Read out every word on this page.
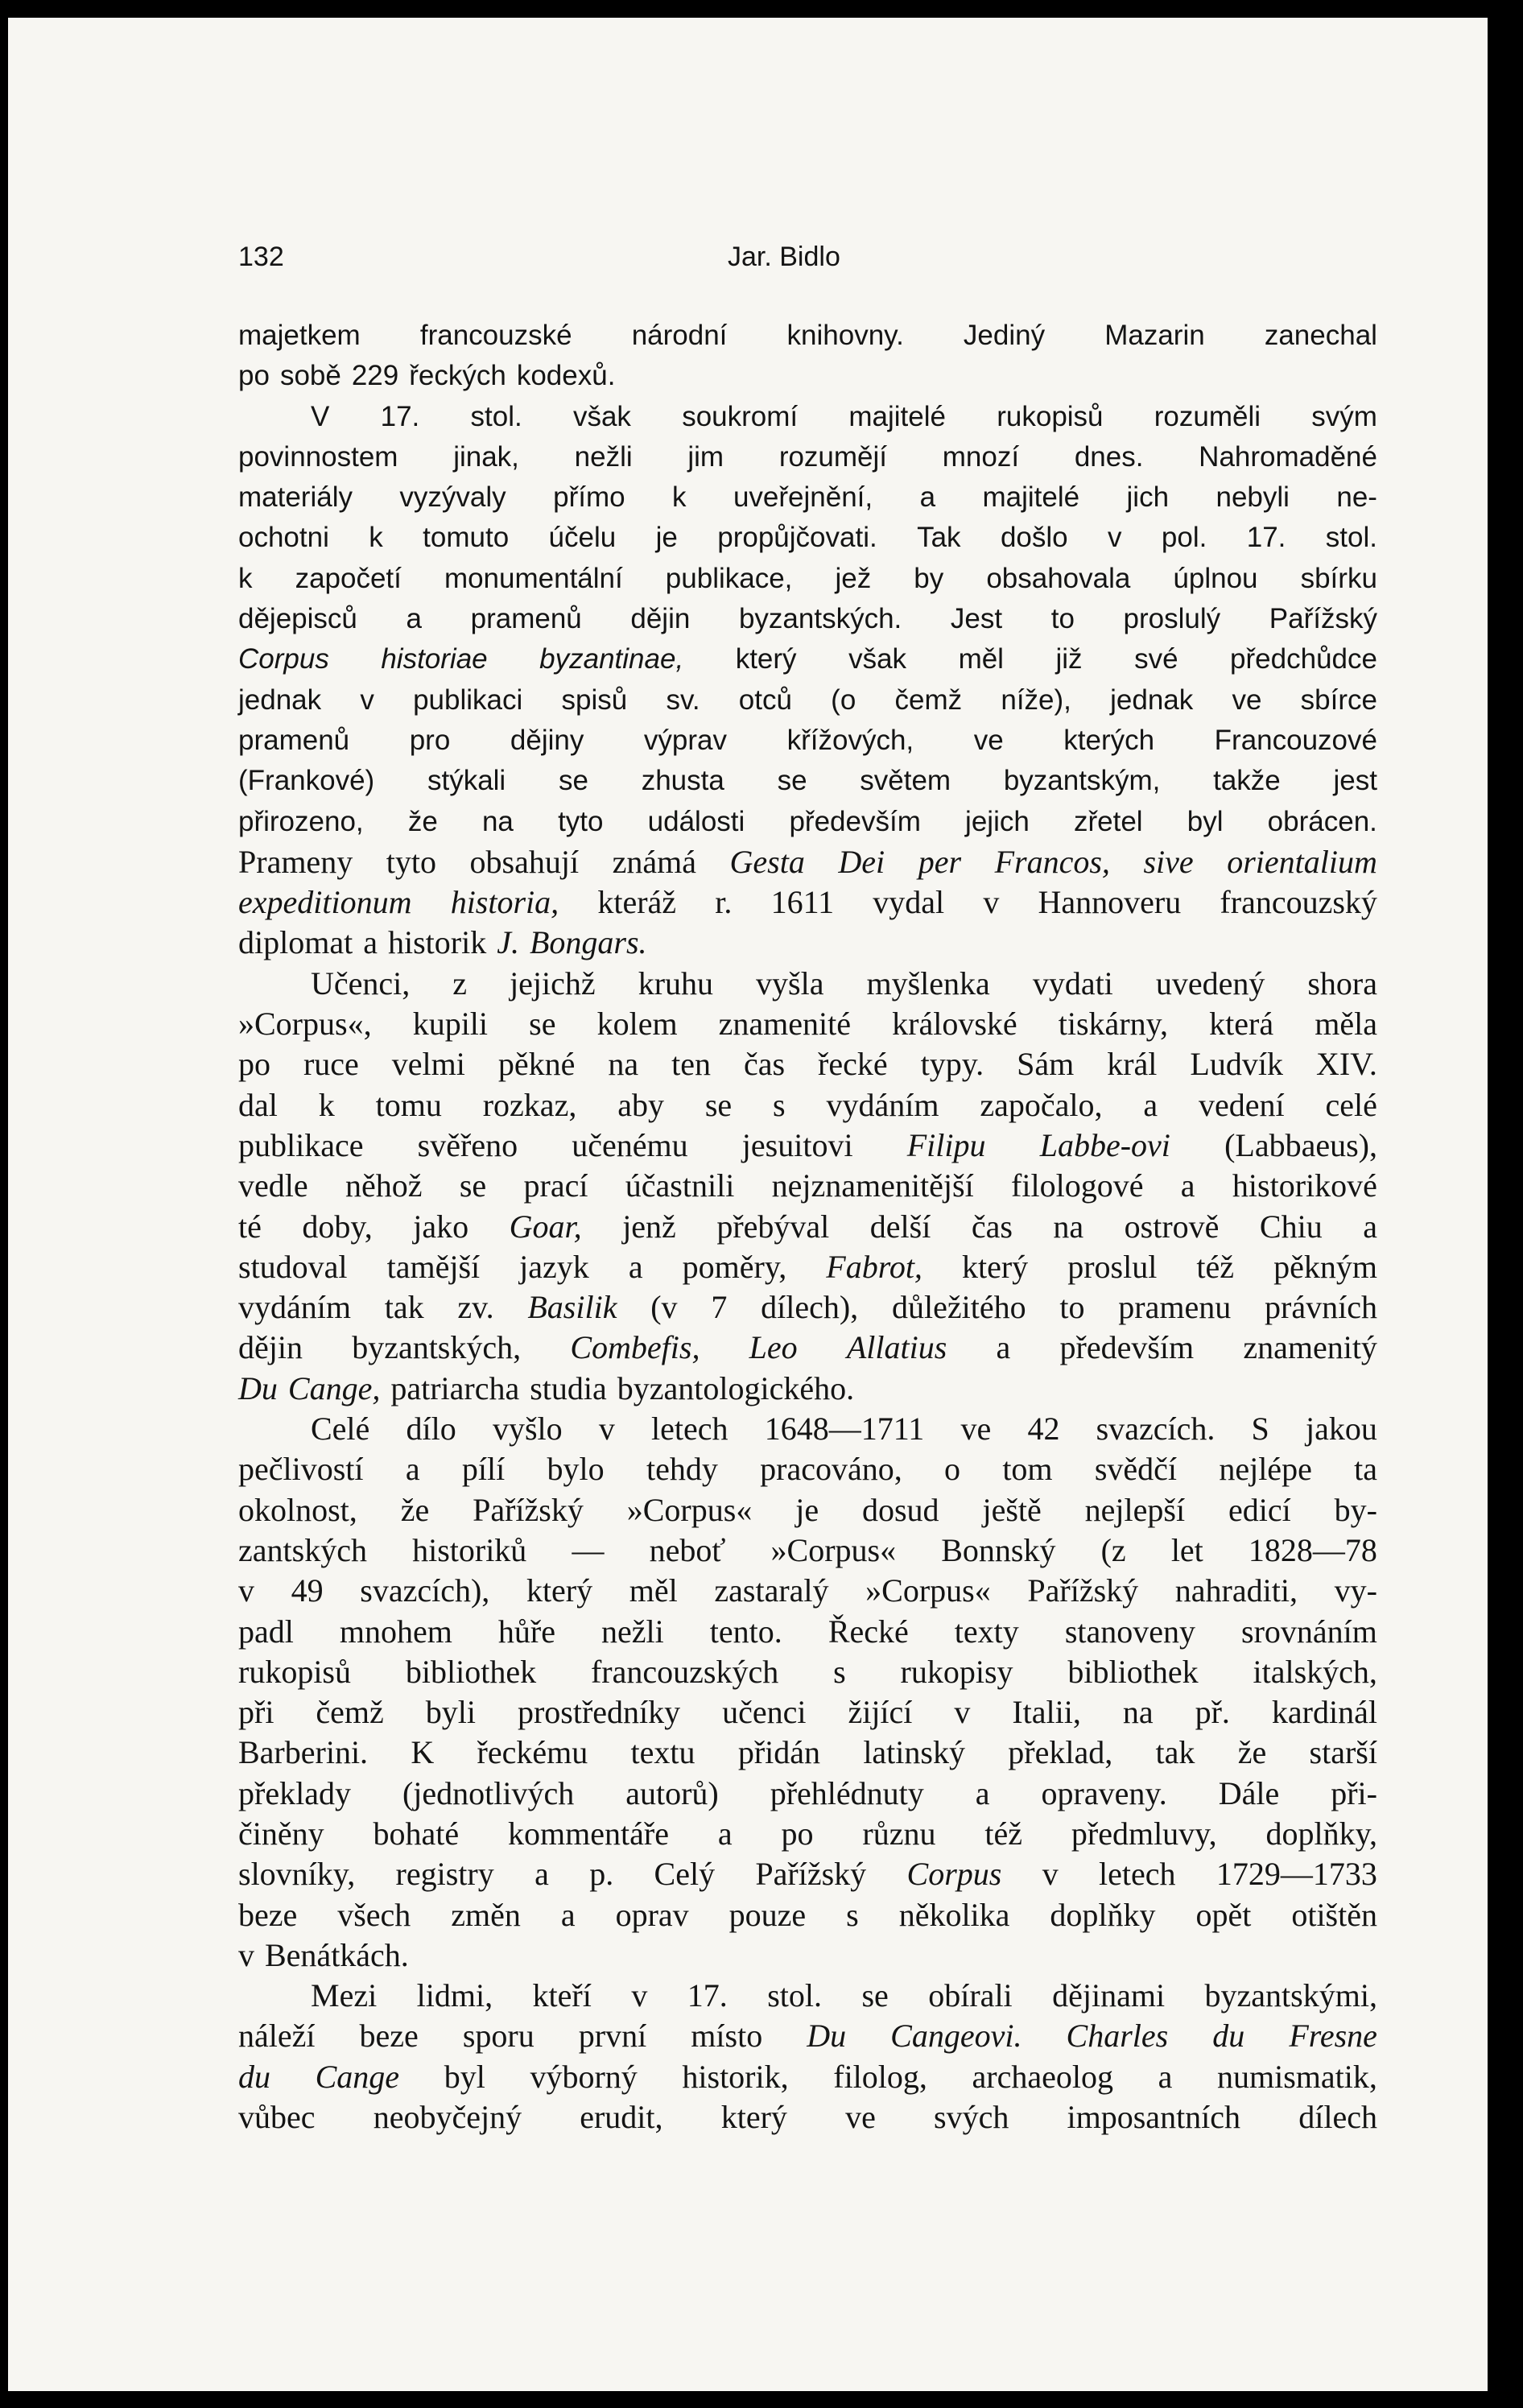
132	Jar. Bidlo
majetkem francouzské národní knihovny. Jediný Mazarin zanechal
po sobě 229 řeckých kodexů.
V 17. stol. však soukromí majitelé rukopisů rozuměli svým
povinnostem jinak, nežli jim rozumějí mnozí dnes. Nahromaděné
materiály vyzývaly přímo k uveřejnění, a majitelé jich nebyli ne-
ochotni k tomuto účelu je propůjčovati. Tak došlo v pol. 17. stol.
k započetí monumentální publikace, jež by obsahovala úplnou sbírku
dějepisců a pramenů dějin byzantských. Jest to proslulý Pařížský
Corpus historiae byzantinae, který však měl již své předchůdce
jednak v publikaci spisů sv. otců (o čemž níže), jednak ve sbírce
pramenů pro dějiny výprav křížových, ve kterých Francouzové
(Frankové) stýkali se zhusta se světem byzantským, takže jest
přirozeno, že na tyto události především jejich zřetel byl obrácen.
Prameny tyto obsahují známá Gesta Dei per Francos, sive orientalium
expeditionum historia, kteráž r. 1611 vydal v Hannoveru francouzský
diplomat a historik J. Bongars.
Učenci, z jejichž kruhu vyšla myšlenka vydati uvedený shora
»Corpus«, kupili se kolem znamenité královské tiskárny, která měla
po ruce velmi pěkné na ten čas řecké typy. Sám král Ludvík XIV.
dal k tomu rozkaz, aby se s vydáním započalo, a vedení celé
publikace svěřeno učenému jesuitovi Filipu Labbe-ovi (Labbaeus),
vedle něhož se prací účastnili nejznamenitější filologové a historikové
té doby, jako Goar, jenž přebýval delší čas na ostrově Chiu a
studoval tamější jazyk a poměry, Fabrot, který proslul též pěkným
vydáním tak zv. Basilik (v 7 dílech), důležitého to pramenu právních
dějin byzantských, Combefis, Leo Allatius a především znamenitý
Du Cange, patriarcha studia byzantologického.
Celé dílo vyšlo v letech 1648—1711 ve 42 svazcích. S jakou
pečlivostí a pílí bylo tehdy pracováno, o tom svědčí nejlépe ta
okolnost, že Pařížský »Corpus« je dosud ještě nejlepší edicí by-
zantských historiků — neboť »Corpus« Bonnský (z let 1828—78
v 49 svazcích), který měl zastaralý »Corpus« Pařížský nahraditi, vy-
padl mnohem hůře nežli tento. Řecké texty stanoveny srovnáním
rukopisů bibliothek francouzských s rukopisy bibliothek italských,
při čemž byli prostředníky učenci žijící v Italii, na př. kardinál
Barberini. K řeckému textu přidán latinský překlad, tak že starší
překlady (jednotlivých autorů) přehlédnuty a opraveny. Dále při-
činěny bohaté kommentáře a po různu též předmluvy, doplňky,
slovníky, registry a p. Celý Pařížský Corpus v letech 1729—1733
beze všech změn a oprav pouze s několika doplňky opět otištěn
v Benátkách.
Mezi lidmi, kteří v 17. stol. se obírali dějinami byzantskými,
náleží beze sporu první místo Du Cangeovi. Charles du Fresne
du Cange byl výborný historik, filolog, archaeolog a numismatik,
vůbec neobyčejný erudit, který ve svých imposantních dílech
